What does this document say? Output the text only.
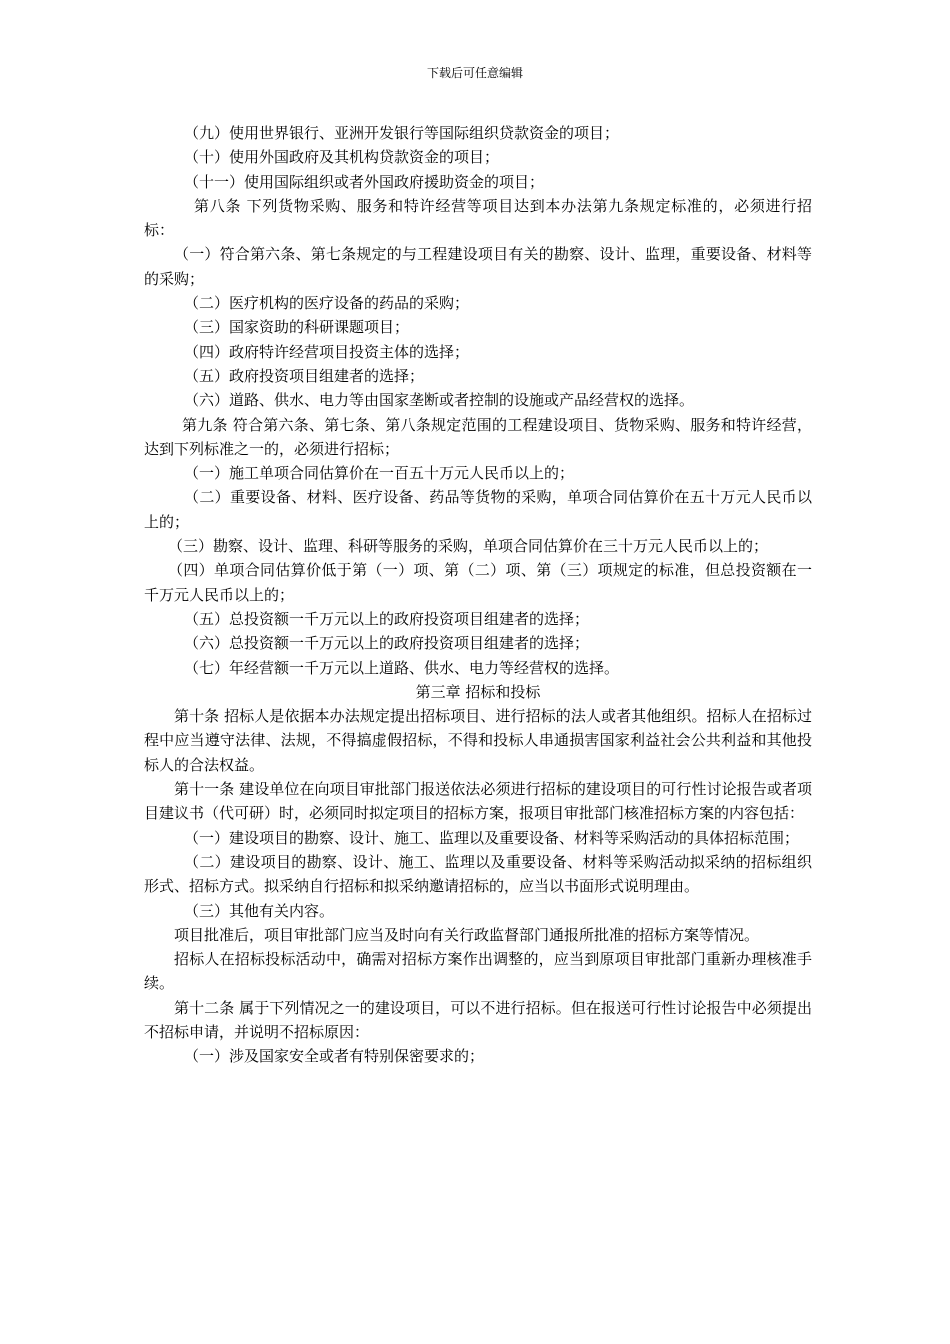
下载后可任意编辑

（九）使用世界银行、亚洲开发银行等国际组织贷款资金的项目；

（十）使用外国政府及其机构贷款资金的项目；

（十一）使用国际组织或者外国政府援助资金的项目；

第八条 下列货物采购、服务和特许经营等项目达到本办法第九条规定标准的，必须进行招标：

（一）符合第六条、第七条规定的与工程建设项目有关的勘察、设计、监理，重要设备、材料等的采购；

（二）医疗机构的医疗设备的药品的采购；

（三）国家资助的科研课题项目；

（四）政府特许经营项目投资主体的选择；

（五）政府投资项目组建者的选择；

（六）道路、供水、电力等由国家垄断或者控制的设施或产品经营权的选择。

第九条 符合第六条、第七条、第八条规定范围的工程建设项目、货物采购、服务和特许经营，达到下列标准之一的，必须进行招标；

（一）施工单项合同估算价在一百五十万元人民币以上的；

（二）重要设备、材料、医疗设备、药品等货物的采购，单项合同估算价在五十万元人民币以上的；

（三）勘察、设计、监理、科研等服务的采购，单项合同估算价在三十万元人民币以上的；

（四）单项合同估算价低于第（一）项、第（二）项、第（三）项规定的标准，但总投资额在一千万元人民币以上的；

（五）总投资额一千万元以上的政府投资项目组建者的选择；

（六）总投资额一千万元以上的政府投资项目组建者的选择；

（七）年经营额一千万元以上道路、供水、电力等经营权的选择。

第三章 招标和投标

第十条 招标人是依据本办法规定提出招标项目、进行招标的法人或者其他组织。招标人在招标过程中应当遵守法律、法规，不得搞虚假招标，不得和投标人串通损害国家利益社会公共利益和其他投标人的合法权益。

第十一条 建设单位在向项目审批部门报送依法必须进行招标的建设项目的可行性讨论报告或者项目建议书（代可研）时，必须同时拟定项目的招标方案，报项目审批部门核准招标方案的内容包括：

（一）建设项目的勘察、设计、施工、监理以及重要设备、材料等采购活动的具体招标范围；

（二）建设项目的勘察、设计、施工、监理以及重要设备、材料等采购活动拟采纳的招标组织形式、招标方式。拟采纳自行招标和拟采纳邀请招标的，应当以书面形式说明理由。

（三）其他有关内容。

项目批准后，项目审批部门应当及时向有关行政监督部门通报所批准的招标方案等情况。

招标人在招标投标活动中，确需对招标方案作出调整的，应当到原项目审批部门重新办理核准手续。

第十二条 属于下列情况之一的建设项目，可以不进行招标。但在报送可行性讨论报告中必须提出不招标申请，并说明不招标原因：

（一）涉及国家安全或者有特别保密要求的；
